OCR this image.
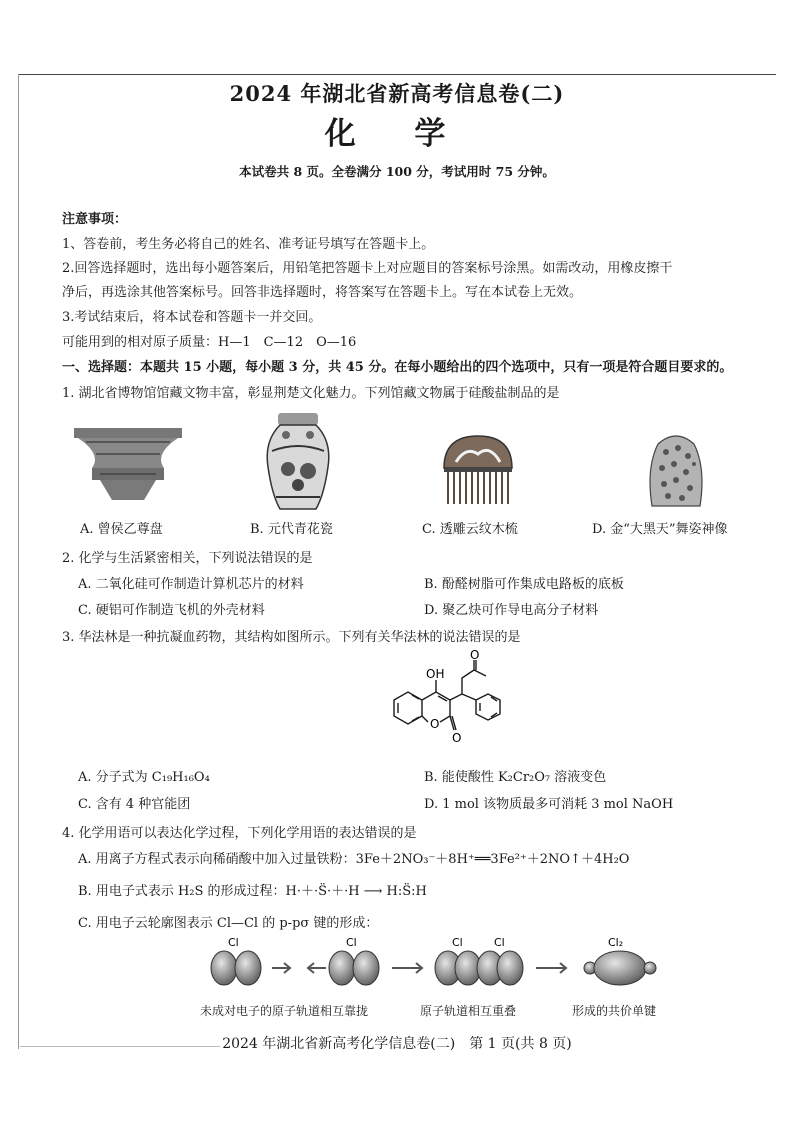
2024 年湖北省新高考信息卷(二)
化 学
本试卷共 8 页。全卷满分 100 分，考试用时 75 分钟。
注意事项：
1、答卷前，考生务必将自己的姓名、准考证号填写在答题卡上。
2.回答选择题时，选出每小题答案后，用铅笔把答题卡上对应题目的答案标号涂黑。如需改动，用橡皮擦干
净后，再选涂其他答案标号。回答非选择题时，将答案写在答题卡上。写在本试卷上无效。
3.考试结束后，将本试卷和答题卡一并交回。
可能用到的相对原子质量：H—1　C—12　O—16
一、选择题：本题共 15 小题，每小题 3 分，共 45 分。在每小题给出的四个选项中，只有一项是符合题目要求的。
1. 湖北省博物馆馆藏文物丰富，彰显荆楚文化魅力。下列馆藏文物属于硅酸盐制品的是
A. 曾侯乙尊盘	B. 元代青花瓷	C. 透雕云纹木梳	D. 金“大黑天”舞姿神像
2. 化学与生活紧密相关，下列说法错误的是
A. 二氧化硅可作制造计算机芯片的材料	B. 酚醛树脂可作集成电路板的底板
C. 硬铝可作制造飞机的外壳材料	D. 聚乙炔可作导电高分子材料
3. 华法林是一种抗凝血药物，其结构如图所示。下列有关华法林的说法错误的是
OH
O
O
O
A. 分子式为 C₁₉H₁₆O₄	B. 能使酸性 K₂Cr₂O₇ 溶液变色
C. 含有 4 种官能团	D. 1 mol 该物质最多可消耗 3 mol NaOH
4. 化学用语可以表达化学过程，下列化学用语的表达错误的是
A. 用离子方程式表示向稀硝酸中加入过量铁粉：3Fe＋2NO₃⁻＋8H⁺══3Fe²⁺＋2NO↑＋4H₂O
B. 用电子式表示 H₂S 的形成过程：H·＋·S̈·＋·H ⟶ H:S̈:H
C. 用电子云轮廓图表示 Cl—Cl 的 p-pσ 键的形成：
Cl	Cl	Cl	Cl	Cl₂
未成对电子的原子轨道相互靠拢	原子轨道相互重叠	形成的共价单键
2024 年湖北省新高考化学信息卷(二)　第 1 页(共 8 页)
